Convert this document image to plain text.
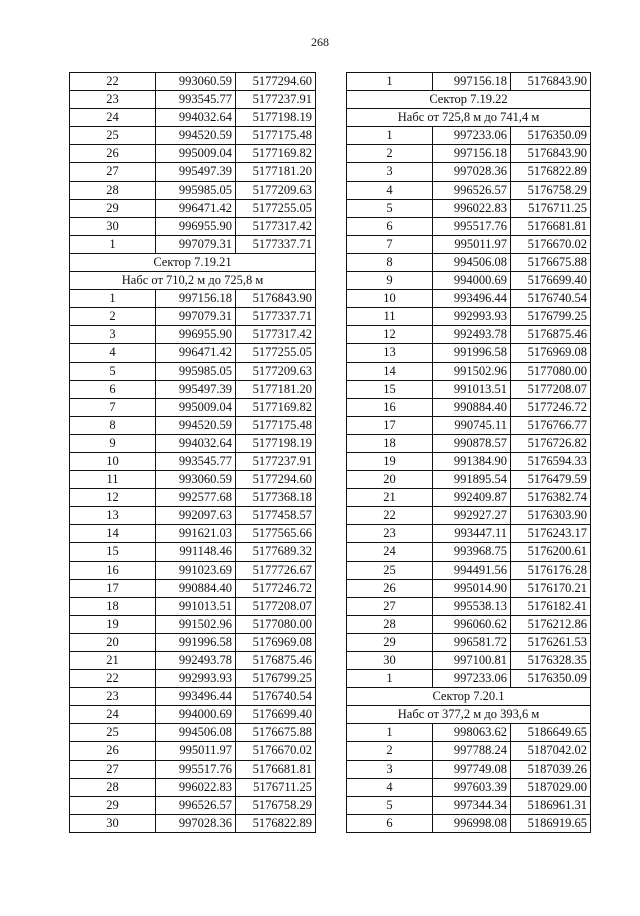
268
22	993060.59	5177294.60
23	993545.77	5177237.91
24	994032.64	5177198.19
25	994520.59	5177175.48
26	995009.04	5177169.82
27	995497.39	5177181.20
28	995985.05	5177209.63
29	996471.42	5177255.05
30	996955.90	5177317.42
1	997079.31	5177337.71
Сектор 7.19.21		
Набс от 710,2 м до 725,8 м		
1	997156.18	5176843.90
2	997079.31	5177337.71
3	996955.90	5177317.42
4	996471.42	5177255.05
5	995985.05	5177209.63
6	995497.39	5177181.20
7	995009.04	5177169.82
8	994520.59	5177175.48
9	994032.64	5177198.19
10	993545.77	5177237.91
11	993060.59	5177294.60
12	992577.68	5177368.18
13	992097.63	5177458.57
14	991621.03	5177565.66
15	991148.46	5177689.32
16	991023.69	5177726.67
17	990884.40	5177246.72
18	991013.51	5177208.07
19	991502.96	5177080.00
20	991996.58	5176969.08
21	992493.78	5176875.46
22	992993.93	5176799.25
23	993496.44	5176740.54
24	994000.69	5176699.40
25	994506.08	5176675.88
26	995011.97	5176670.02
27	995517.76	5176681.81
28	996022.83	5176711.25
29	996526.57	5176758.29
30	997028.36	5176822.89
1	997156.18	5176843.90
Сектор 7.19.22		
Набс от 725,8 м до 741,4 м		
1	997233.06	5176350.09
2	997156.18	5176843.90
3	997028.36	5176822.89
4	996526.57	5176758.29
5	996022.83	5176711.25
6	995517.76	5176681.81
7	995011.97	5176670.02
8	994506.08	5176675.88
9	994000.69	5176699.40
10	993496.44	5176740.54
11	992993.93	5176799.25
12	992493.78	5176875.46
13	991996.58	5176969.08
14	991502.96	5177080.00
15	991013.51	5177208.07
16	990884.40	5177246.72
17	990745.11	5176766.77
18	990878.57	5176726.82
19	991384.90	5176594.33
20	991895.54	5176479.59
21	992409.87	5176382.74
22	992927.27	5176303.90
23	993447.11	5176243.17
24	993968.75	5176200.61
25	994491.56	5176176.28
26	995014.90	5176170.21
27	995538.13	5176182.41
28	996060.62	5176212.86
29	996581.72	5176261.53
30	997100.81	5176328.35
1	997233.06	5176350.09
Сектор 7.20.1		
Набс от 377,2 м до 393,6 м		
1	998063.62	5186649.65
2	997788.24	5187042.02
3	997749.08	5187039.26
4	997603.39	5187029.00
5	997344.34	5186961.31
6	996998.08	5186919.65
